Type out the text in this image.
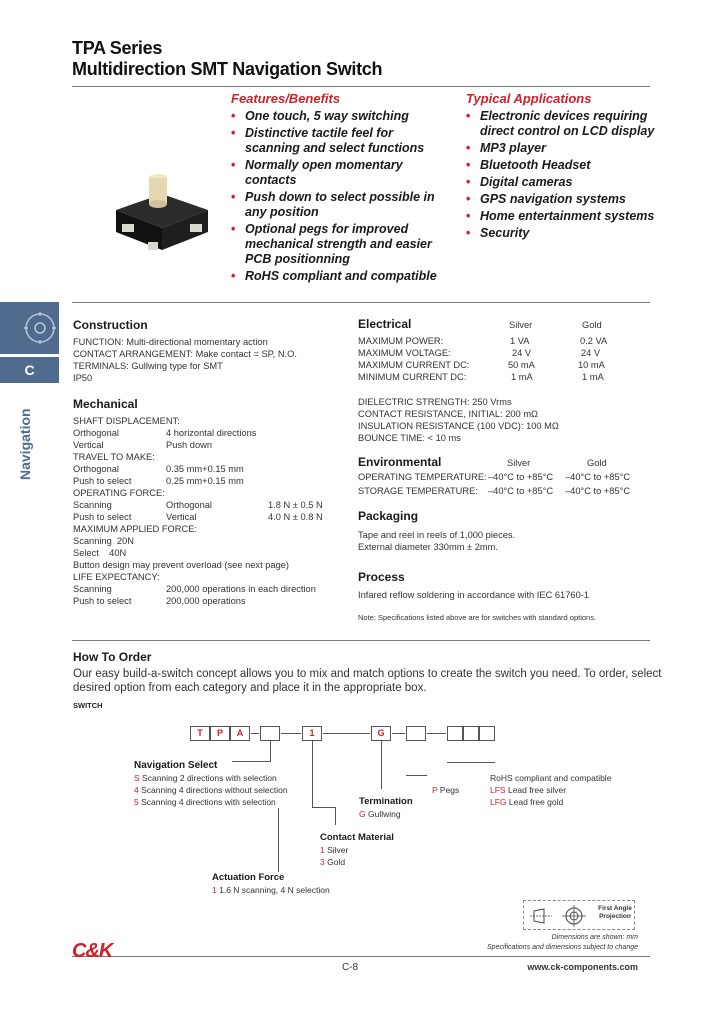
TPA Series
Multidirection SMT Navigation Switch
Features/Benefits
• One touch, 5 way switching
• Distinctive tactile feel for scanning and select functions
• Normally open momentary contacts
• Push down to select possible in any position
• Optional pegs for improved mechanical strength and easier PCB positionning
• RoHS compliant and compatible
Typical Applications
• Electronic devices requiring direct control on LCD display
• MP3 player
• Bluetooth Headset
• Digital cameras
• GPS navigation systems
• Home entertainment systems
• Security
C
Navigation
Construction
FUNCTION: Multi-directional momentary action
CONTACT ARRANGEMENT: Make contact = SP, N.O.
TERMINALS: Gullwing type for SMT
IP50
Mechanical
SHAFT DISPLACEMENT:
Orthogonal	4 horizontal directions
Vertical	Push down
TRAVEL TO MAKE:
Orthogonal	0.35 mm+0.15 mm
Push to select	0.25 mm+0.15 mm
OPERATING FORCE:
Scanning	Orthogonal	1.8 N ± 0.5 N
Push to select	Vertical	4.0 N ± 0.8 N
MAXIMUM APPLIED FORCE:
Scanning  20N
Select    40N
Button design may prevent overload (see next page)
LIFE EXPECTANCY:
Scanning	200,000 operations in each direction
Push to select	200,000 operations
Electrical	Silver	Gold
MAXIMUM POWER:	1 VA	0.2 VA
MAXIMUM VOLTAGE:	24 V	24 V
MAXIMUM CURRENT DC:	50 mA	10 mA
MINIMUM CURRENT DC:	1 mA	1 mA
DIELECTRIC STRENGTH: 250 Vrms
CONTACT RESISTANCE, INITIAL: 200 mΩ
INSULATION RESISTANCE (100 VDC): 100 MΩ
BOUNCE TIME: < 10 ms
Environmental	Silver	Gold
OPERATING TEMPERATURE: –40°C to +85°C –40°C to +85°C
STORAGE TEMPERATURE: –40°C to +85°C –40°C to +85°C
Packaging
Tape and reel in reels of 1,000 pieces.
External diameter 330mm ± 2mm.
Process
Infared reflow soldering in accordance with IEC 61760-1
Note: Specifications listed above are for switches with standard options.
How To Order
Our easy build-a-switch concept allows you to mix and match options to create the switch you need. To order, select
desired option from each category and place it in the appropriate box.
SWITCH
T	P	A	1	G
Navigation Select
S Scanning 2 directions with selection
4 Scanning 4 directions without selection
5 Scanning 4 directions with selection	Termination
G Gullwing
P Pegs
RoHS compliant and compatible
LFS Lead free silver
LFG Lead free gold
Contact Material
1 Silver
3 Gold
Actuation Force
1 1.6 N scanning, 4 N selection
First Angle Projection
Dimensions are shown: mm
Specifications and dimensions subject to change
C&K
C-8	www.ck-components.com
